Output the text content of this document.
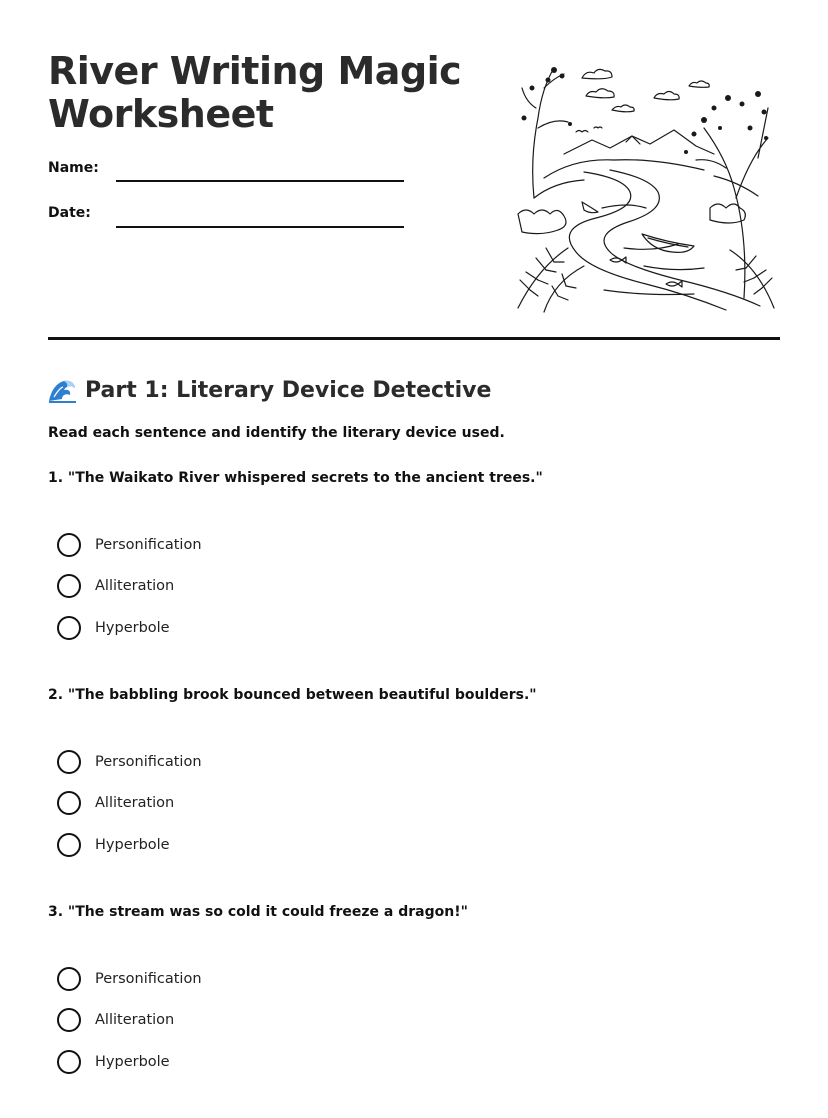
River Writing Magic Worksheet
Name:
Date:
Part 1: Literary Device Detective
Read each sentence and identify the literary device used.
1. "The Waikato River whispered secrets to the ancient trees."
Personification
Alliteration
Hyperbole
2. "The babbling brook bounced between beautiful boulders."
Personification
Alliteration
Hyperbole
3. "The stream was so cold it could freeze a dragon!"
Personification
Alliteration
Hyperbole
